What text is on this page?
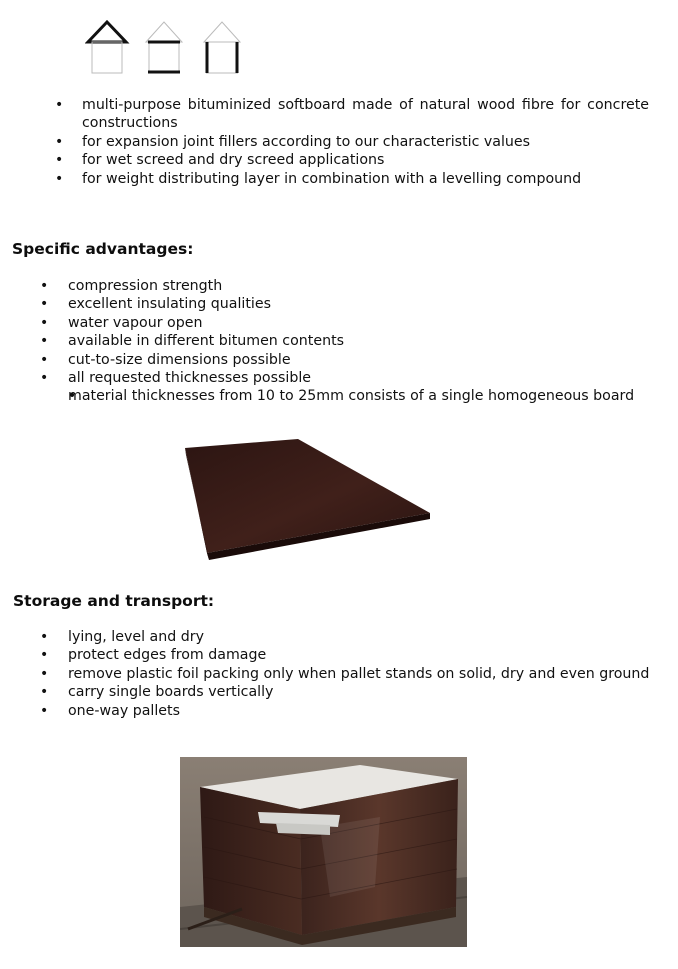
• multi-purpose bituminized softboard made of natural wood fibre for concrete constructions
• for expansion joint fillers according to our characteristic values
• for wet screed and dry screed applications
• for weight distributing layer in combination with a levelling compound
Specific advantages:
• compression strength
• excellent insulating qualities
• water vapour open
• available in different bitumen contents
• cut-to-size dimensions possible
• all requested thicknesses possible
• material thicknesses from 10 to 25mm consists of a single homogeneous board
Storage and transport:
• lying, level and dry
• protect edges from damage
• remove plastic foil packing only when pallet stands on solid, dry and even ground
• carry single boards vertically
• one-way pallets
